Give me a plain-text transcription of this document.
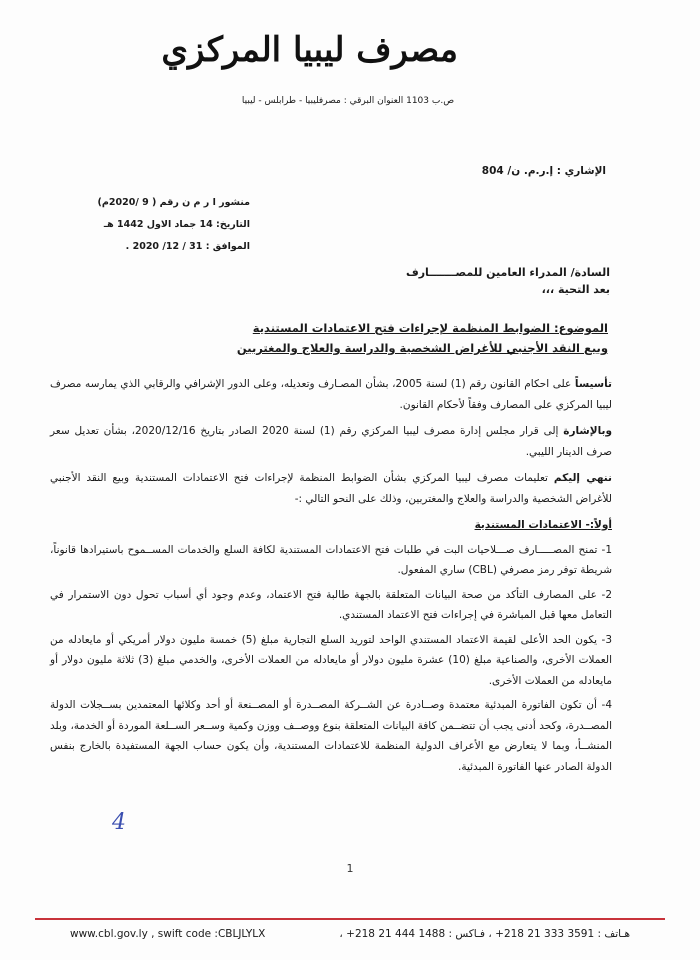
مصرف ليبيا المركزي
ص.ب 1103 العنوان البرقي : مصرفليبيا - طرابلس - ليبيا
الإشاري : إ.ر.م. ن/ 804
منشور ا ر م ن رقم ( 9 /2020م)
التاريخ: 14 جماد الاول 1442 هـ
الموافق : 31 / 12/ 2020 .
السادة/ المدراء العامين للمصـــــــارف
بعد التحية ،،،
الموضوع: الضوابط المنظمة لإجراءات فتح الاعتمادات المستندية
وبيع النقد الأجنبي للأغراض الشخصية والدراسة والعلاج والمغتربين

تأسيساً على احكام القانون رقم (1) لسنة 2005، بشأن المصـارف وتعديله، وعلى الدور الإشرافي والرقابي الذي يمارسه مصرف ليبيا المركزي على المصارف وفقاً لأحكام القانون.

وبالإشارة إلى قرار مجلس إدارة مصرف ليبيا المركزي رقم (1) لسنة 2020 الصادر بتاريخ 2020/12/16، بشأن تعديل سعر صرف الدينار الليبي.

ننهي إليكم تعليمات مصرف ليبيا المركزي بشأن الضوابط المنظمة لإجراءات فتح الاعتمادات المستندية وبيع النقد الأجنبي للأغراض الشخصية والدراسة والعلاج والمغتربين، وذلك على النحو التالي :-

أولاً:- الاعتمادات المستندية
1- تمنح المصـــــارف صـــلاحيات البت في طلبات فتح الاعتمادات المستندية لكافة السلع والخدمات المســموح باستيرادها قانوناً، شريطة توفر رمز مصرفي (CBL) ساري المفعول.
2- على المصارف التأكد من صحة البيانات المتعلقة بالجهة طالبة فتح الاعتماد، وعدم وجود أي أسباب تحول دون الاستمرار في التعامل معها قبل المباشرة في إجراءات فتح الاعتماد المستندي.
3- يكون الحد الأعلى لقيمة الاعتماد المستندي الواحد لتوريد السلع التجارية مبلغ (5) خمسة مليون دولار أمريكي أو مايعادله من العملات الأخرى، والصناعية مبلغ (10) عشرة مليون دولار أو مايعادله من العملات الأخرى، والخدمي مبلغ (3) ثلاثة مليون دولار أو مايعادله من العملات الأخرى.
4- أن تكون الفاتورة المبدئية معتمدة وصــادرة عن الشــركة المصــدرة أو المصــنعة أو أحد وكلائها المعتمدين بســجلات الدولة المصــدرة، وكحد أدنى يجب أن تتضــمن كافة البيانات المتعلقة بنوع ووصــف ووزن وكمية وســعر الســلعة الموردة أو الخدمة، وبلد المنشــأ، وبما لا يتعارض مع الأعراف الدولية المنظمة للاعتمادات المستندية، وأن يكون حساب الجهة المستفيدة بالخارج بنفس الدولة الصادر عنها الفاتورة المبدئية.
4
1
www.cbl.gov.ly , swift code :CBLJLYLX	هـاتف : 3591 333 21 218+ ، فـاكس : 1488 444 21 218+ ،
